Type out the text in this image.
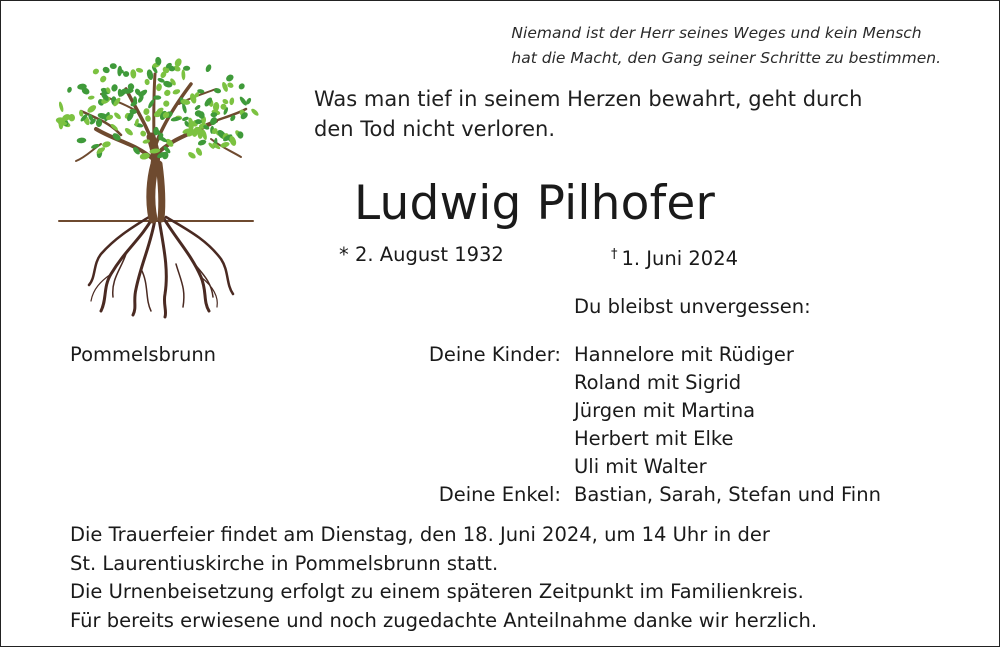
Niemand ist der Herr seines Weges und kein Mensch
hat die Macht, den Gang seiner Schritte zu bestimmen.
Was man tief in seinem Herzen bewahrt, geht durch
den Tod nicht verloren.
Ludwig Pilhofer
* 2. August 1932	† 1. Juni 2024
Du bleibst unvergessen:
Pommelsbrunn	Deine Kinder: Hannelore mit Rüdiger
Roland mit Sigrid
Jürgen mit Martina
Herbert mit Elke
Uli mit Walter
Deine Enkel: Bastian, Sarah, Stefan und Finn
Die Trauerfeier findet am Dienstag, den 18. Juni 2024, um 14 Uhr in der
St. Laurentiuskirche in Pommelsbrunn statt.
Die Urnenbeisetzung erfolgt zu einem späteren Zeitpunkt im Familienkreis.
Für bereits erwiesene und noch zugedachte Anteilnahme danke wir herzlich.
